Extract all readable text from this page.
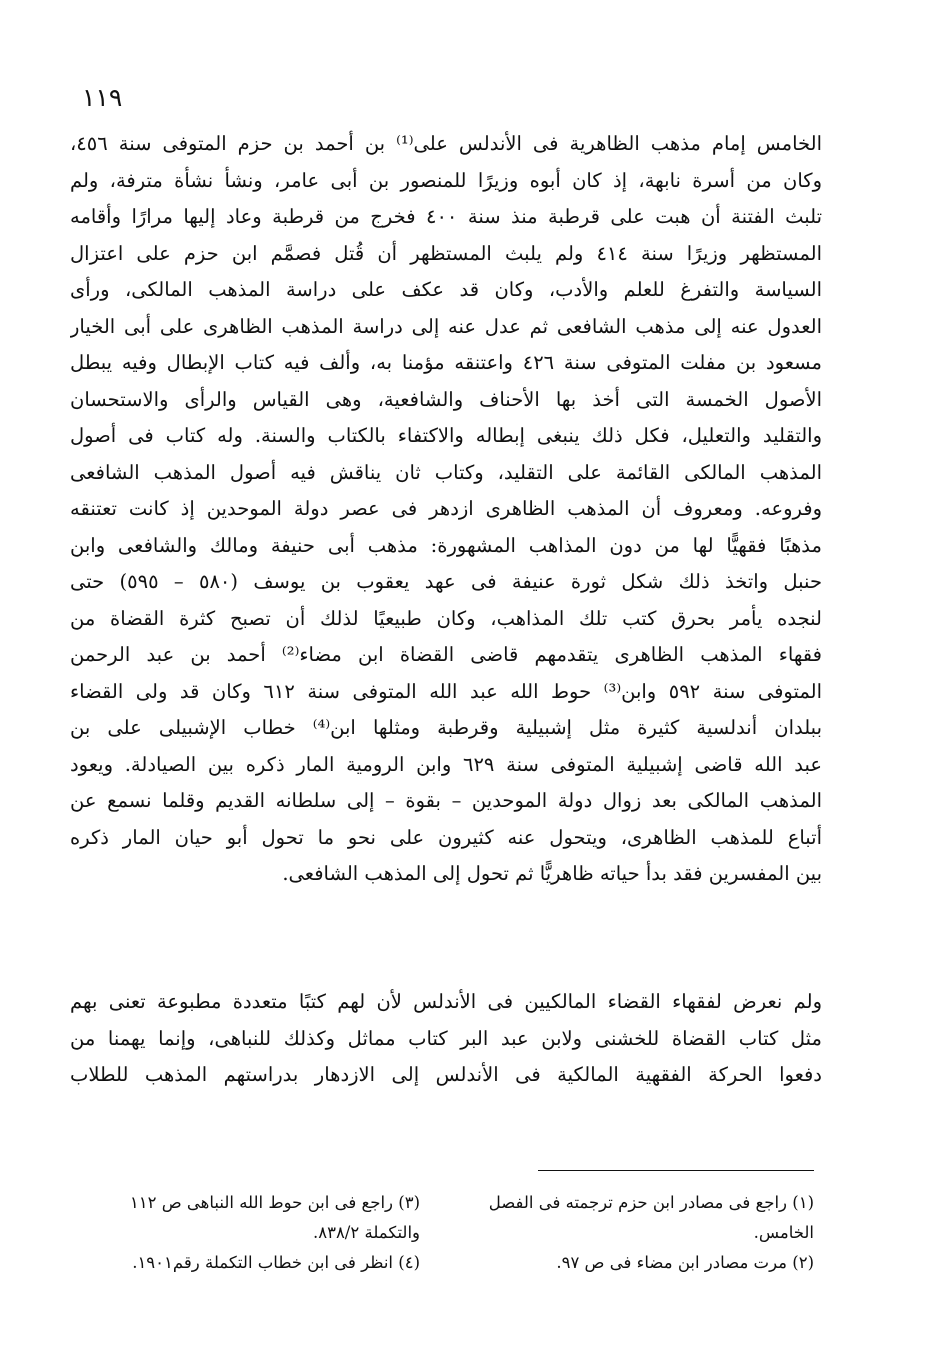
١١٩
الخامس إمام مذهب الظاهرية فى الأندلس على⁽¹⁾ بن أحمد بن حزم المتوفى سنة ٤٥٦،
وكان من أسرة نابهة، إذ كان أبوه وزيرًا للمنصور بن أبى عامر، ونشأ نشأة مترفة، ولم
تلبث الفتنة أن هبت على قرطبة منذ سنة ٤٠٠ فخرج من قرطبة وعاد إليها مرارًا وأقامه
المستظهر وزيرًا سنة ٤١٤ ولم يلبث المستظهر أن قُتل فصمَّم ابن حزم على اعتزال
السياسة والتفرغ للعلم والأدب، وكان قد عكف على دراسة المذهب المالكى، ورأى
العدول عنه إلى مذهب الشافعى ثم عدل عنه إلى دراسة المذهب الظاهرى على أبى الخيار
مسعود بن مفلت المتوفى سنة ٤٢٦ واعتنقه مؤمنا به، وألف فيه كتاب الإبطال وفيه يبطل
الأصول الخمسة التى أخذ بها الأحناف والشافعية، وهى القياس والرأى والاستحسان
والتقليد والتعليل، فكل ذلك ينبغى إبطاله والاكتفاء بالكتاب والسنة. وله كتاب فى أصول
المذهب المالكى القائمة على التقليد، وكتاب ثان يناقش فيه أصول المذهب الشافعى
وفروعه. ومعروف أن المذهب الظاهرى ازدهر فى عصر دولة الموحدين إذ كانت تعتنقه
مذهبًا فقهيًّا لها من دون المذاهب المشهورة: مذهب أبى حنيفة ومالك والشافعى وابن
حنبل واتخذ ذلك شكل ثورة عنيفة فى عهد يعقوب بن يوسف (٥٨٠ – ٥٩٥) حتى
لنجده يأمر بحرق كتب تلك المذاهب، وكان طبيعيًا لذلك أن تصبح كثرة القضاة من
فقهاء المذهب الظاهرى يتقدمهم قاضى القضاة ابن مضاء⁽²⁾ أحمد بن عبد الرحمن
المتوفى سنة ٥٩٢ وابن⁽³⁾ حوط الله عبد الله المتوفى سنة ٦١٢ وكان قد ولى القضاء
ببلدان أندلسية كثيرة مثل إشبيلية وقرطبة ومثلها ابن⁽⁴⁾ خطاب الإشبيلى على بن
عبد الله قاضى إشبيلية المتوفى سنة ٦٢٩ وابن الرومية المار ذكره بين الصيادلة. ويعود
المذهب المالكى بعد زوال دولة الموحدين – بقوة – إلى سلطانه القديم وقلما نسمع عن
أتباع للمذهب الظاهرى، ويتحول عنه كثيرون على نحو ما تحول أبو حيان المار ذكره
بين المفسرين فقد بدأ حياته ظاهريًّا ثم تحول إلى المذهب الشافعى.
ولم نعرض لفقهاء القضاء المالكيين فى الأندلس لأن لهم كتبًا متعددة مطبوعة تعنى بهم
مثل كتاب القضاة للخشنى ولابن عبد البر كتاب مماثل وكذلك للنباهى، وإنما يهمنا من
دفعوا الحركة الفقهية المالكية فى الأندلس إلى الازدهار بدراستهم المذهب للطلاب
(١) راجع فى مصادر ابن حزم ترجمته فى الفصل
الخامس.
(٢) مرت مصادر ابن مضاء فى ص ٩٧.
(٣) راجع فى ابن حوط الله النباهى ص ١١٢
والتكملة ٨٣٨/٢.
(٤) انظر فى ابن خطاب التكملة رقم١٩٠١.
